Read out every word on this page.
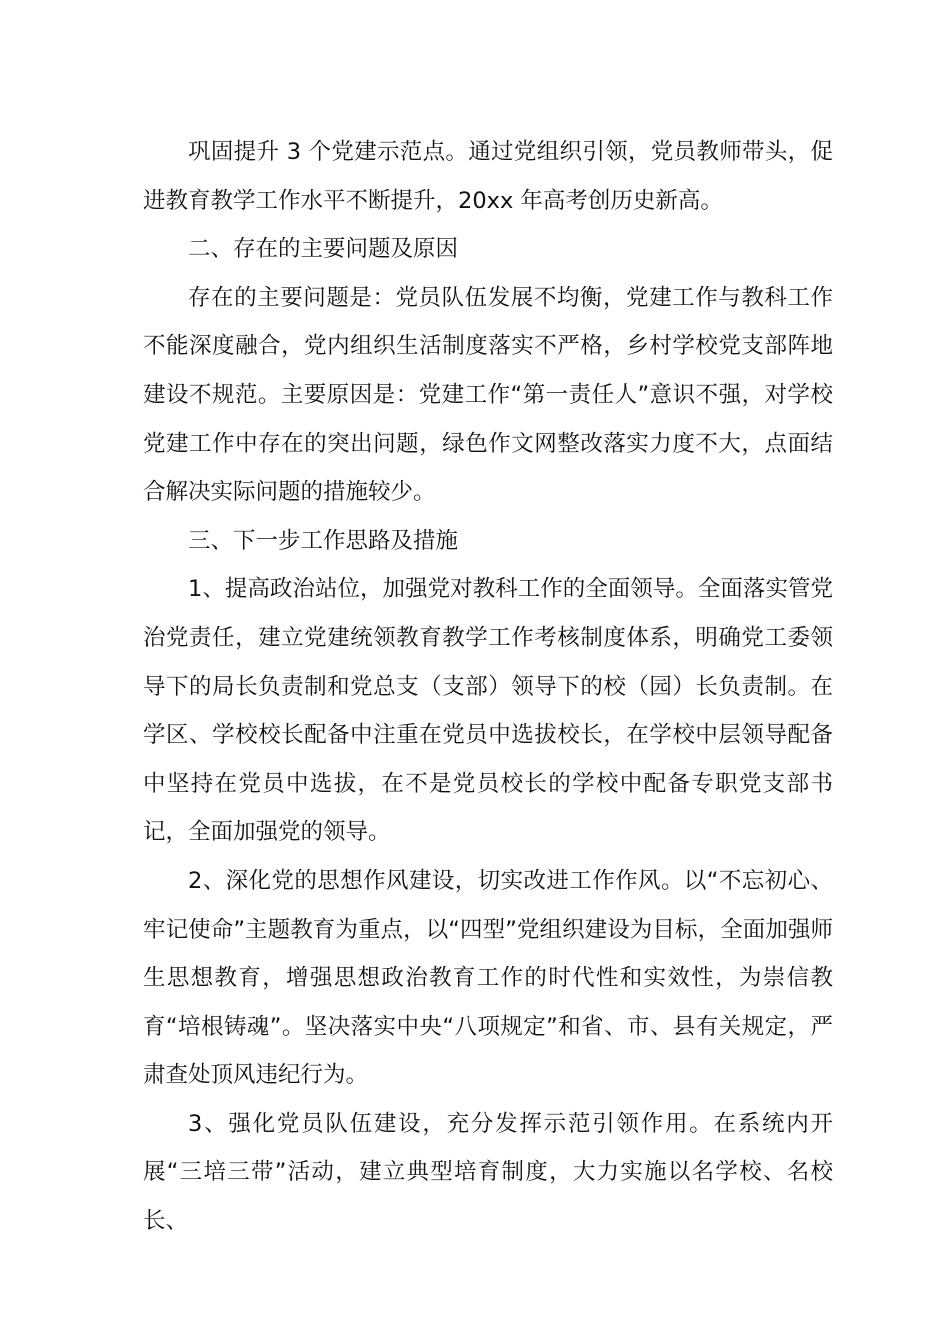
巩固提升 3 个党建示范点。通过党组织引领，党员教师带头，促进教育教学工作水平不断提升，20xx 年高考创历史新高。

二、存在的主要问题及原因

存在的主要问题是：党员队伍发展不均衡，党建工作与教科工作不能深度融合，党内组织生活制度落实不严格，乡村学校党支部阵地建设不规范。主要原因是：党建工作“第一责任人”意识不强，对学校党建工作中存在的突出问题，绿色作文网整改落实力度不大，点面结合解决实际问题的措施较少。

三、下一步工作思路及措施

1、提高政治站位，加强党对教科工作的全面领导。全面落实管党治党责任，建立党建统领教育教学工作考核制度体系，明确党工委领导下的局长负责制和党总支（支部）领导下的校（园）长负责制。在学区、学校校长配备中注重在党员中选拔校长，在学校中层领导配备中坚持在党员中选拔，在不是党员校长的学校中配备专职党支部书记，全面加强党的领导。

2、深化党的思想作风建设，切实改进工作作风。以“不忘初心、牢记使命”主题教育为重点，以“四型”党组织建设为目标，全面加强师生思想教育，增强思想政治教育工作的时代性和实效性，为崇信教育“培根铸魂”。坚决落实中央“八项规定”和省、市、县有关规定，严肃查处顶风违纪行为。

3、强化党员队伍建设，充分发挥示范引领作用。在系统内开展“三培三带”活动，建立典型培育制度，大力实施以名学校、名校长、
